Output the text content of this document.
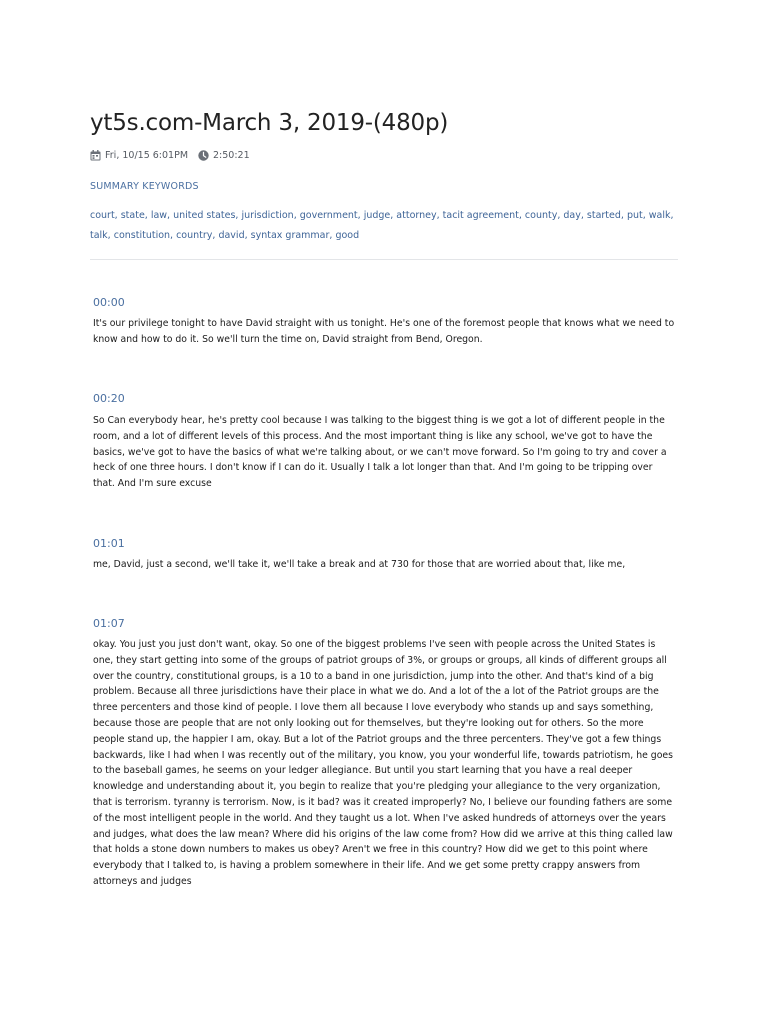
yt5s.com-March 3, 2019-(480p)
Fri, 10/15 6:01PM	2:50:21
SUMMARY KEYWORDS
court, state, law, united states, jurisdiction, government, judge, attorney, tacit agreement, county, day, started, put, walk, talk, constitution, country, david, syntax grammar, good
00:00
It's our privilege tonight to have David straight with us tonight. He's one of the foremost people that knows what we need to know and how to do it. So we'll turn the time on, David straight from Bend, Oregon.
00:20
So Can everybody hear, he's pretty cool because I was talking to the biggest thing is we got a lot of different people in the room, and a lot of different levels of this process. And the most important thing is like any school, we've got to have the basics, we've got to have the basics of what we're talking about, or we can't move forward. So I'm going to try and cover a heck of one three hours. I don't know if I can do it. Usually I talk a lot longer than that. And I'm going to be tripping over that. And I'm sure excuse
01:01
me, David, just a second, we'll take it, we'll take a break and at 730 for those that are worried about that, like me,
01:07
okay. You just you just don't want, okay. So one of the biggest problems I've seen with people across the United States is one, they start getting into some of the groups of patriot groups of 3%, or groups or groups, all kinds of different groups all over the country, constitutional groups, is a 10 to a band in one jurisdiction, jump into the other. And that's kind of a big problem. Because all three jurisdictions have their place in what we do. And a lot of the a lot of the Patriot groups are the three percenters and those kind of people. I love them all because I love everybody who stands up and says something, because those are people that are not only looking out for themselves, but they're looking out for others. So the more people stand up, the happier I am, okay. But a lot of the Patriot groups and the three percenters. They've got a few things backwards, like I had when I was recently out of the military, you know, you your wonderful life, towards patriotism, he goes to the baseball games, he seems on your ledger allegiance. But until you start learning that you have a real deeper knowledge and understanding about it, you begin to realize that you're pledging your allegiance to the very organization, that is terrorism. tyranny is terrorism. Now, is it bad? was it created improperly? No, I believe our founding fathers are some of the most intelligent people in the world. And they taught us a lot. When I've asked hundreds of attorneys over the years and judges, what does the law mean? Where did his origins of the law come from? How did we arrive at this thing called law that holds a stone down numbers to makes us obey? Aren't we free in this country? How did we get to this point where everybody that I talked to, is having a problem somewhere in their life. And we get some pretty crappy answers from attorneys and judges
